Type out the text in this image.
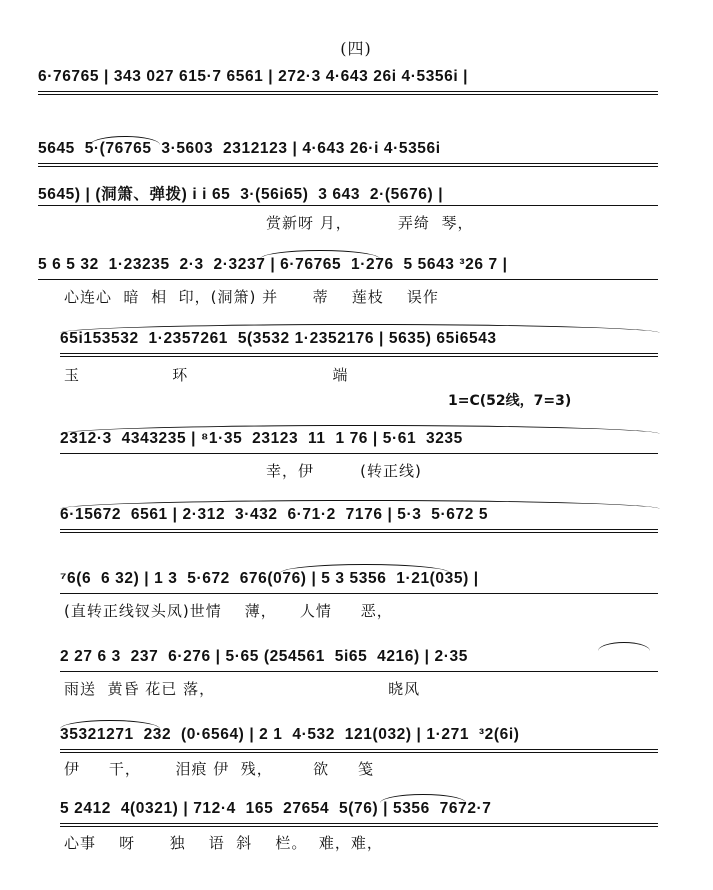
(四)
6·76765 | 343 027 615·7 6561 | 272·3 4·643 26i 4·5356i |
5645  5·(76765  3·5603  2312123 | 4·643 26·i 4·5356i
5645) | (洞箫、弹拨) i i 65  3·(56i65)  3 643  2·(5676) |
赏新呀 月，        弄绮  琴，
5 6 5 32  1·23235  2·3  2·3237 | 6·76765  1·276  5 5643 ³26 7 |
心连心  暗  相  印，(洞箫) 并      蒂    莲枝    误作
65i153532  1·2357261  5(3532 1·2352176 | 5635) 65i6543
玉                环                         端
1=C(52线，7=3)
2312·3  4343235 | ⁸1·35  23123  11  1 76 | 5·61  3235
幸，伊        (转正线)
6·15672  6561 | 2·312  3·432  6·71·2  7176 | 5·3  5·672 5
⁷6(6  6 32) | 1 3  5·672  676(076) | 5 3 5356  1·21(035) |
(直转正线钗头凤)世情    薄，    人情     恶，
2 27 6 3  237  6·276 | 5·65 (254561  5i65  4216) | 2·35
雨送  黄昏 花已 落，                              晓风
35321271  232  (0·6564) | 2 1  4·532  121(032) | 1·271  ³2(6i)
伊     干，      泪痕 伊  残，       欲     笺
5 2412  4(0321) | 712·4  165  27654  5(76) | 5356  7672·7
心事    呀      独    语  斜    栏。  难，难，
